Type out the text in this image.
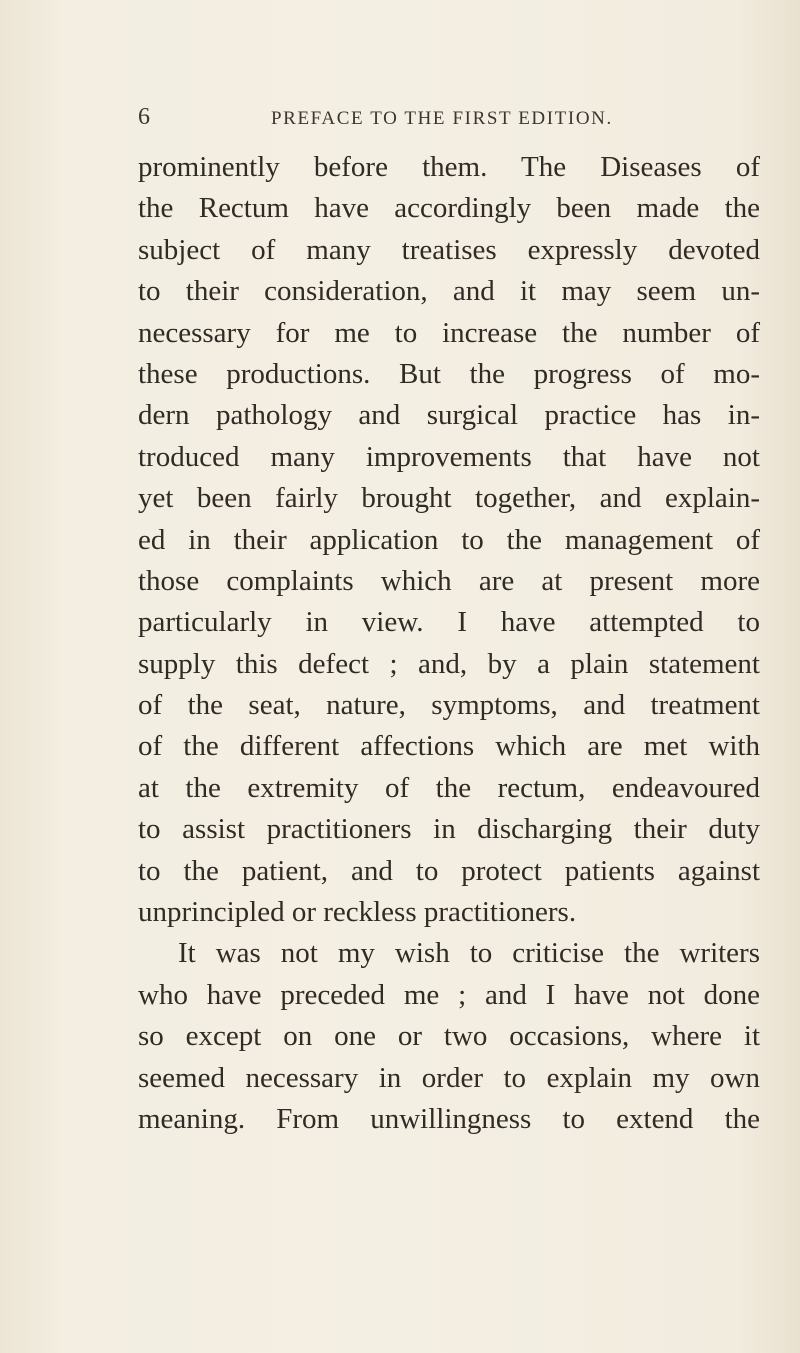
6	PREFACE TO THE FIRST EDITION.
prominently before them. The Diseases of
the Rectum have accordingly been made the
subject of many treatises expressly devoted
to their consideration, and it may seem un-
necessary for me to increase the number of
these productions. But the progress of mo-
dern pathology and surgical practice has in-
troduced many improvements that have not
yet been fairly brought together, and explain-
ed in their application to the management of
those complaints which are at present more
particularly in view. I have attempted to
supply this defect ; and, by a plain statement
of the seat, nature, symptoms, and treatment
of the different affections which are met with
at the extremity of the rectum, endeavoured
to assist practitioners in discharging their duty
to the patient, and to protect patients against
unprincipled or reckless practitioners.
It was not my wish to criticise the writers
who have preceded me ; and I have not done
so except on one or two occasions, where it
seemed necessary in order to explain my own
meaning. From unwillingness to extend the
